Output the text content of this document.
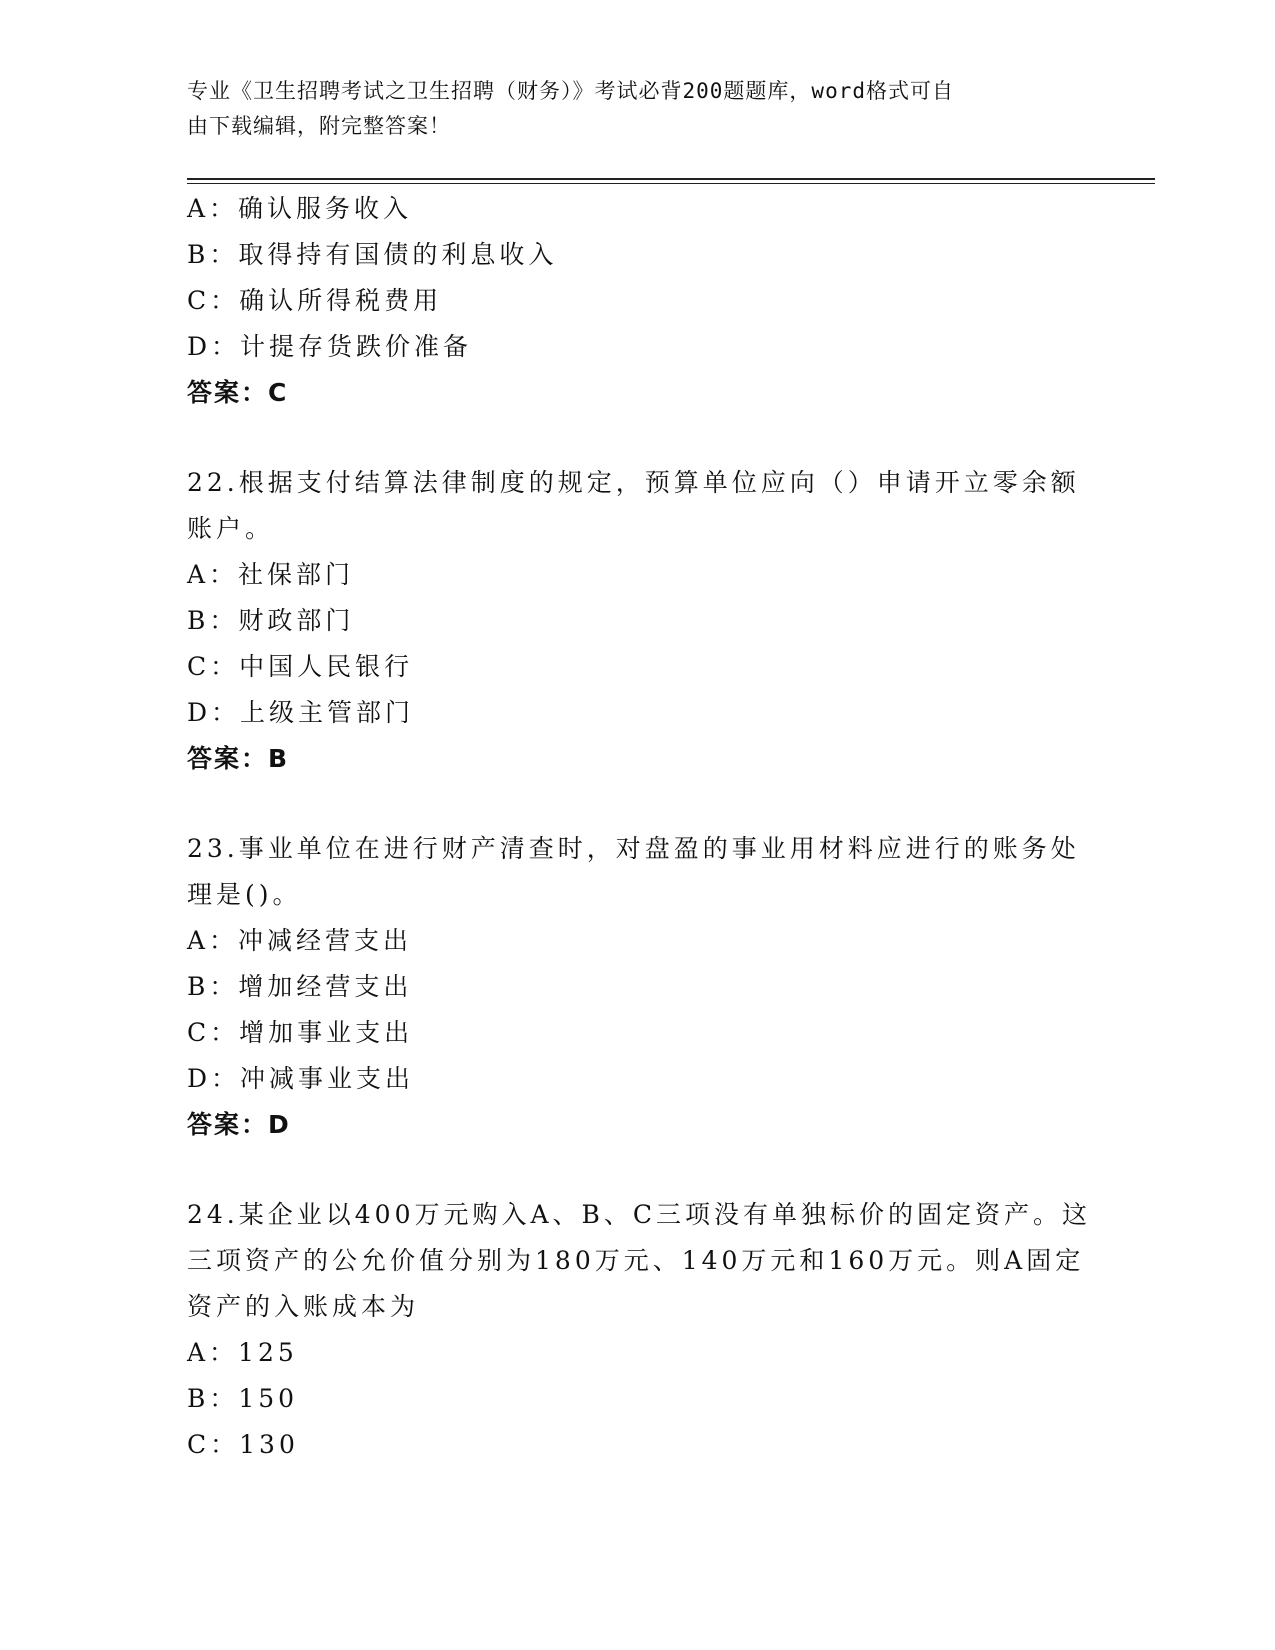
专业《卫生招聘考试之卫生招聘（财务）》考试必背200题题库，word格式可自
由下载编辑，附完整答案！
A：确认服务收入
B：取得持有国债的利息收入
C：确认所得税费用
D：计提存货跌价准备
答案：C
22.根据支付结算法律制度的规定，预算单位应向（）申请开立零余额
账户。
A：社保部门
B：财政部门
C：中国人民银行
D：上级主管部门
答案：B
23.事业单位在进行财产清查时，对盘盈的事业用材料应进行的账务处
理是()。
A：冲减经营支出
B：增加经营支出
C：增加事业支出
D：冲减事业支出
答案：D
24.某企业以400万元购入A、B、C三项没有单独标价的固定资产。这
三项资产的公允价值分别为180万元、140万元和160万元。则A固定
资产的入账成本为
A：125
B：150
C：130
